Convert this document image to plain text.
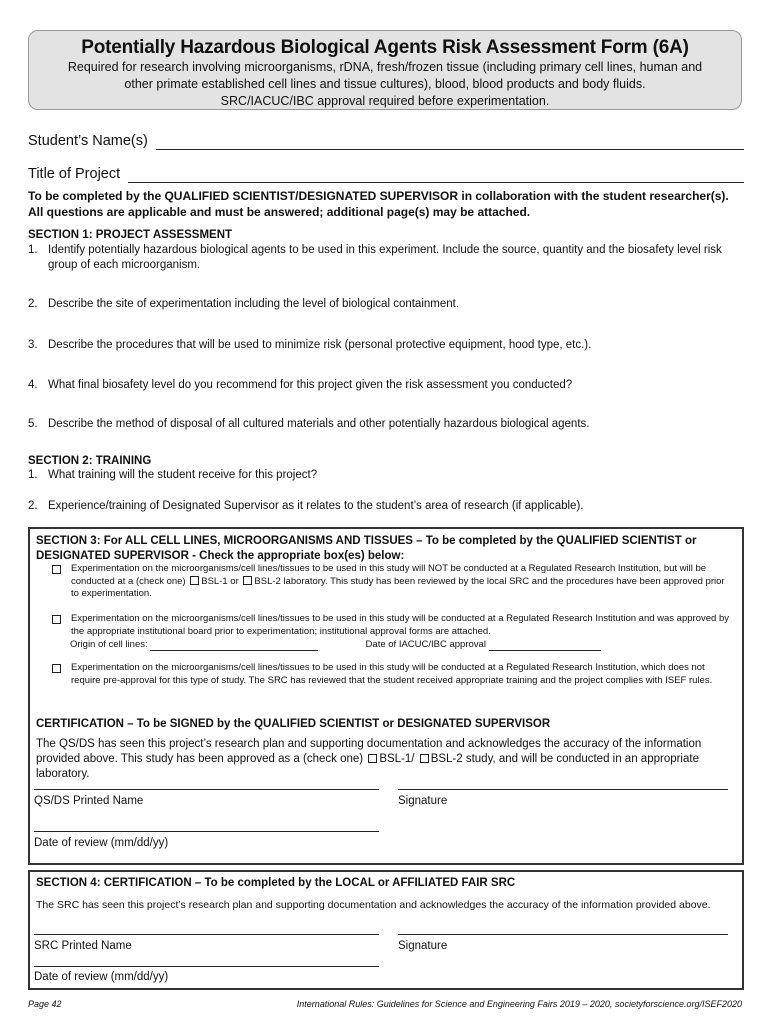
Potentially Hazardous Biological Agents Risk Assessment Form (6A)
Required for research involving microorganisms, rDNA, fresh/frozen tissue (including primary cell lines, human and
other primate established cell lines and tissue cultures), blood, blood products and body fluids.
SRC/IACUC/IBC approval required before experimentation.
Student’s Name(s)
Title of Project
To be completed by the QUALIFIED SCIENTIST/DESIGNATED SUPERVISOR in collaboration with the student researcher(s). All questions are applicable and must be answered; additional page(s) may be attached.
SECTION 1: PROJECT ASSESSMENT
1. Identify potentially hazardous biological agents to be used in this experiment. Include the source, quantity and the biosafety level risk group of each microorganism.
2. Describe the site of experimentation including the level of biological containment.
3. Describe the procedures that will be used to minimize risk (personal protective equipment, hood type, etc.).
4. What final biosafety level do you recommend for this project given the risk assessment you conducted?
5. Describe the method of disposal of all cultured materials and other potentially hazardous biological agents.
SECTION 2: TRAINING
1. What training will the student receive for this project?
2. Experience/training of Designated Supervisor as it relates to the student’s area of research (if applicable).
SECTION 3: For ALL CELL LINES, MICROORGANISMS AND TISSUES – To be completed by the QUALIFIED SCIENTIST or
DESIGNATED SUPERVISOR - Check the appropriate box(es) below:
Experimentation on the microorganisms/cell lines/tissues to be used in this study will NOT be conducted at a Regulated Research Institution, but will be conducted at a (check one) BSL-1 or BSL-2 laboratory. This study has been reviewed by the local SRC and the procedures have been approved prior to experimentation.
Experimentation on the microorganisms/cell lines/tissues to be used in this study will be conducted at a Regulated Research Institution and was approved by the appropriate institutional board prior to experimentation; institutional approval forms are attached.
Origin of cell lines:	Date of IACUC/IBC approval
Experimentation on the microorganisms/cell lines/tissues to be used in this study will be conducted at a Regulated Research Institution, which does not require pre-approval for this type of study. The SRC has reviewed that the student received appropriate training and the project complies with ISEF rules.
CERTIFICATION – To be SIGNED by the QUALIFIED SCIENTIST or DESIGNATED SUPERVISOR
The QS/DS has seen this project’s research plan and supporting documentation and acknowledges the accuracy of the information provided above. This study has been approved as a (check one) BSL-1/ BSL-2 study, and will be conducted in an appropriate laboratory.
QS/DS Printed Name	Signature
Date of review (mm/dd/yy)
SECTION 4: CERTIFICATION – To be completed by the LOCAL or AFFILIATED FAIR SRC
The SRC has seen this project’s research plan and supporting documentation and acknowledges the accuracy of the information provided above.
SRC Printed Name	Signature
Date of review (mm/dd/yy)
Page 42	International Rules: Guidelines for Science and Engineering Fairs 2019 – 2020, societyforscience.org/ISEF2020
